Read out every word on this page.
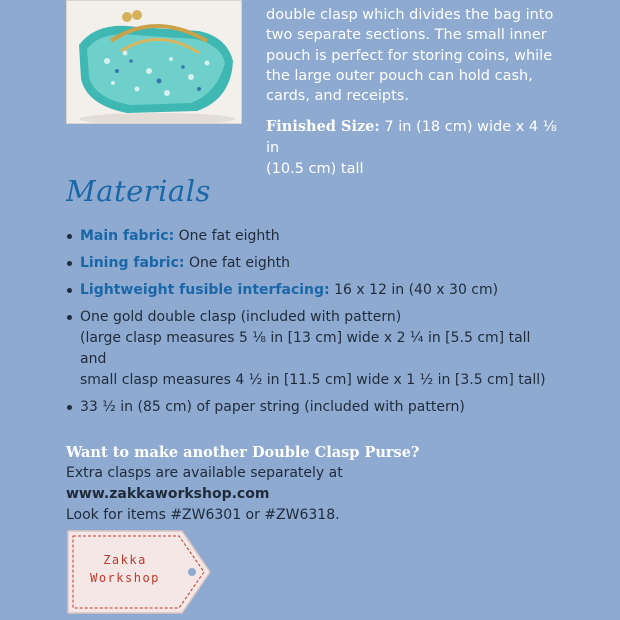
double clasp which divides the bag into
two separate sections. The small inner
pouch is perfect for storing coins, while
the large outer pouch can hold cash,
cards, and receipts.
Finished Size: 7 in (18 cm) wide x 4 ⅛ in
(10.5 cm) tall
Materials
Main fabric: One fat eighth
Lining fabric: One fat eighth
Lightweight fusible interfacing: 16 x 12 in (40 x 30 cm)
One gold double clasp (included with pattern)
(large clasp measures 5 ⅛ in [13 cm] wide x 2 ¼ in [5.5 cm] tall and
small clasp measures 4 ½ in [11.5 cm] wide x 1 ½ in [3.5 cm] tall)
33 ½ in (85 cm) of paper string (included with pattern)
Want to make another Double Clasp Purse?
Extra clasps are available separately at www.zakkaworkshop.com
Look for items #ZW6301 or #ZW6318.
Zakka
Workshop
